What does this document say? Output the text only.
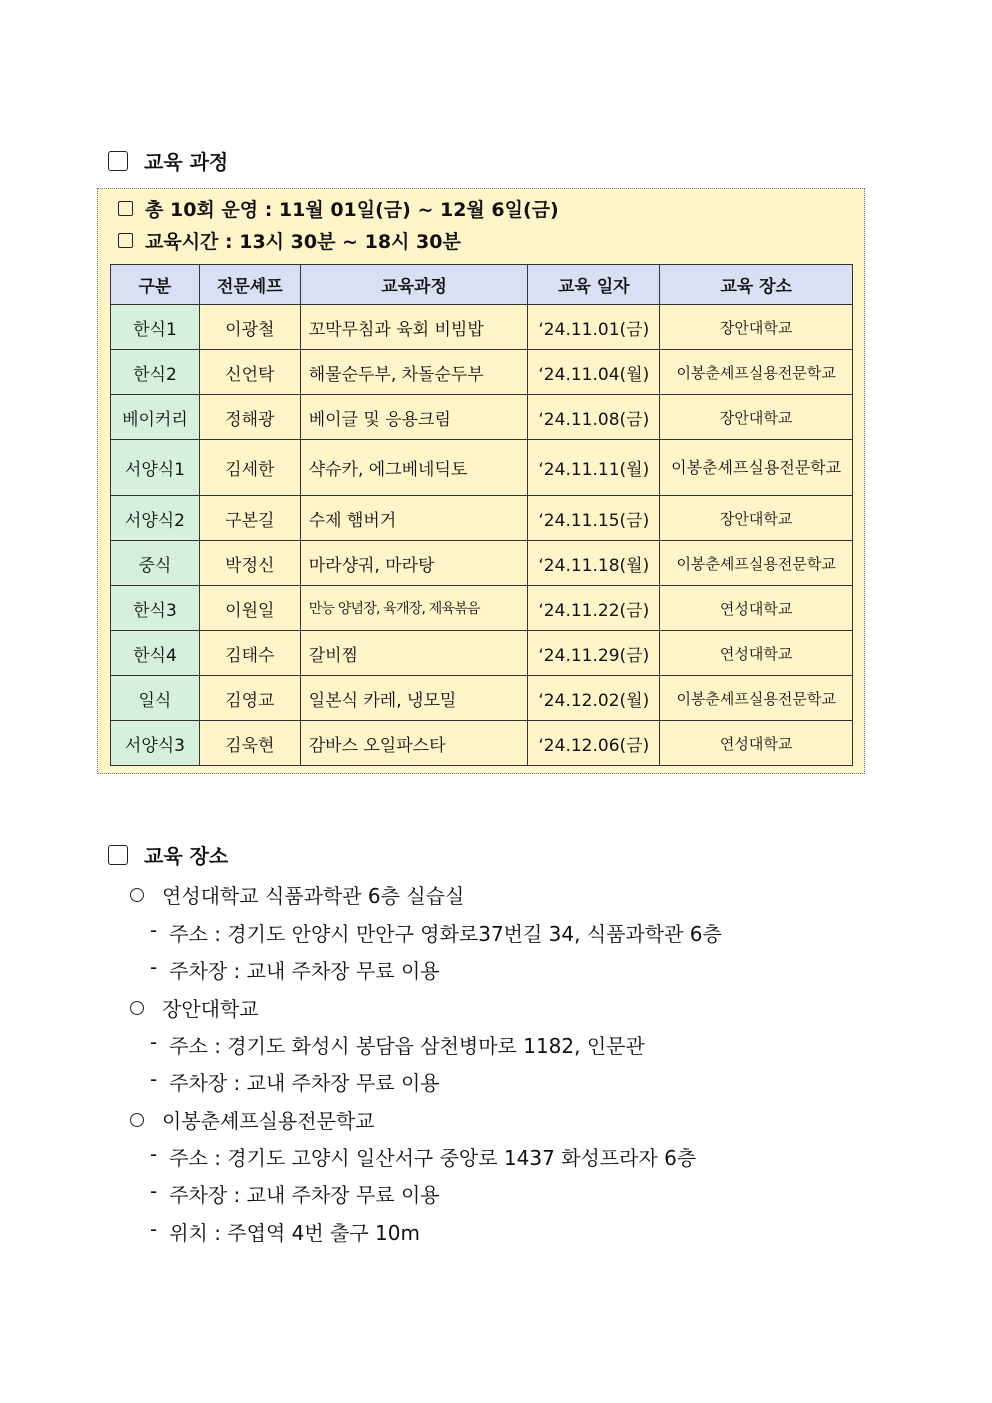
교육 과정
총 10회 운영 : 11월 01일(금) ~ 12월 6일(금)
교육시간 : 13시 30분 ~ 18시 30분
구분	전문셰프	교육과정	교육 일자	교육 장소
한식1	이광철	꼬막무침과 육회 비빔밥	‘24.11.01(금)	장안대학교
한식2	신언탁	해물순두부, 차돌순두부	‘24.11.04(월)	이봉춘셰프실용전문학교
베이커리	정해광	베이글 및 응용크림	‘24.11.08(금)	장안대학교
서양식1	김세한	샥슈카, 에그베네딕토	‘24.11.11(월)	이봉춘셰프실용전문학교
서양식2	구본길	수제 햄버거	‘24.11.15(금)	장안대학교
중식	박정신	마라샹궈, 마라탕	‘24.11.18(월)	이봉춘셰프실용전문학교
한식3	이원일	만능 양념장, 육개장, 제육볶음	‘24.11.22(금)	연성대학교
한식4	김태수	갈비찜	‘24.11.29(금)	연성대학교
일식	김영교	일본식 카레, 냉모밀	‘24.12.02(월)	이봉춘셰프실용전문학교
서양식3	김욱현	감바스 오일파스타	‘24.12.06(금)	연성대학교
교육 장소
연성대학교 식품과학관 6층 실습실
- 주소 : 경기도 안양시 만안구 영화로37번길 34, 식품과학관 6층
- 주차장 : 교내 주차장 무료 이용
장안대학교
- 주소 : 경기도 화성시 봉담읍 삼천병마로 1182, 인문관
- 주차장 : 교내 주차장 무료 이용
이봉춘셰프실용전문학교
- 주소 : 경기도 고양시 일산서구 중앙로 1437 화성프라자 6층
- 주차장 : 교내 주차장 무료 이용
- 위치 : 주엽역 4번 출구 10m
